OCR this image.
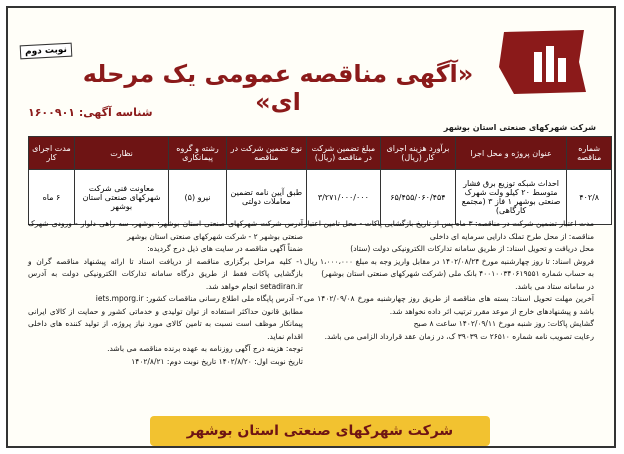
نوبت دوم
«آگهی مناقصه عمومی یک مرحله ای»
شرکت شهرکهای صنعتی استان بوشهر
شناسه آگهی: ۱۶۰۰۹۰۱
شماره مناقصه	عنوان پروژه و محل اجرا	برآورد هزینه اجرای کار (ریال)	مبلغ تضمین شرکت در مناقصه (ریال)	نوع تضمین شرکت در مناقصه	رشته و گروه پیمانکاری	نظارت	مدت اجرای کار
۴۰۲/۸	احداث شبکه توزیع برق فشار متوسط ۲۰ کیلو ولت شهرک صنعتی بوشهر ۱ فاز ۳ (مجتمع کارگاهی)	۶۵/۴۵۵/۰۶۰/۴۵۴	۳/۲۷۱/۰۰۰/۰۰۰	طبق آیین نامه تضمین معاملات دولتی	نیرو (۵)	معاونت فنی شرکت شهرکهای صنعتی استان بوشهر	۶ ماه

مدت اعتبار تضمین شرکت در مناقصه: ۳ ماه پس از تاریخ بازگشایی پاکات - محل تامین اعتبار مناقصه: از محل طرح تملک دارایی سرمایه ای داخلی

محل دریافت و تحویل اسناد: از طریق سامانه تدارکات الکترونیکی دولت (ستاد)

فروش اسناد: تا روز چهارشنبه مورخ ۱۴۰۲/۰۸/۲۴ در مقابل واریز وجه به مبلغ ۱،۰۰۰،۰۰۰ ریال به حساب شماره ۴۰۰۱۰۰۳۴۰۶۱۹۵۵۱ بانک ملی (شرکت شهرکهای صنعتی استان بوشهر)

در سامانه ستاد می باشد.

آخرین مهلت تحویل اسناد: بسته های مناقصه از طریق روز چهارشنبه مورخ ۱۴۰۲/۰۹/۰۸ می باشد و پیشنهادهای خارج از موعد مقرر ترتیب اثر داده نخواهد شد.

گشایش پاکات: روز شنبه مورخ ۱۴۰۲/۰۹/۱۱ ساعت ۸ صبح

رعایت تصویب نامه شماره ۲۶۵۱۰ ت ۳۹۰۳۹ ک، در زمان عقد قرارداد الزامی می باشد.

آدرس شرکت شهرکهای صنعتی استان بوشهر: بوشهر، سه راهی دلوار - ورودی شهرک صنعتی بوشهر ۲ - شرکت شهرکهای صنعتی استان بوشهر

ضمناً آگهی مناقصه در سایت های ذیل درج گردیده:

۱- کلیه مراحل برگزاری مناقصه از دریافت اسناد تا ارائه پیشنهاد مناقصه گران و بازگشایی پاکات فقط از طریق درگاه سامانه تدارکات الکترونیکی دولت به آدرس setadiran.ir انجام خواهد شد.

۲- آدرس پایگاه ملی اطلاع رسانی مناقصات کشور: iets.mporg.ir

مطابق قانون حداکثر استفاده از توان تولیدی و خدماتی کشور و حمایت از کالای ایرانی پیمانکار موظف است نسبت به تامین کالای مورد نیاز پروژه، از تولید کننده های داخلی اقدام نماید.

توجه: هزینه درج آگهی روزنامه به عهده برنده مناقصه می باشد.

تاریخ نوبت اول: ۱۴۰۲/۸/۲۰ تاریخ نوبت دوم: ۱۴۰۲/۸/۲۱

شرکت شهرکهای صنعتی استان بوشهر
